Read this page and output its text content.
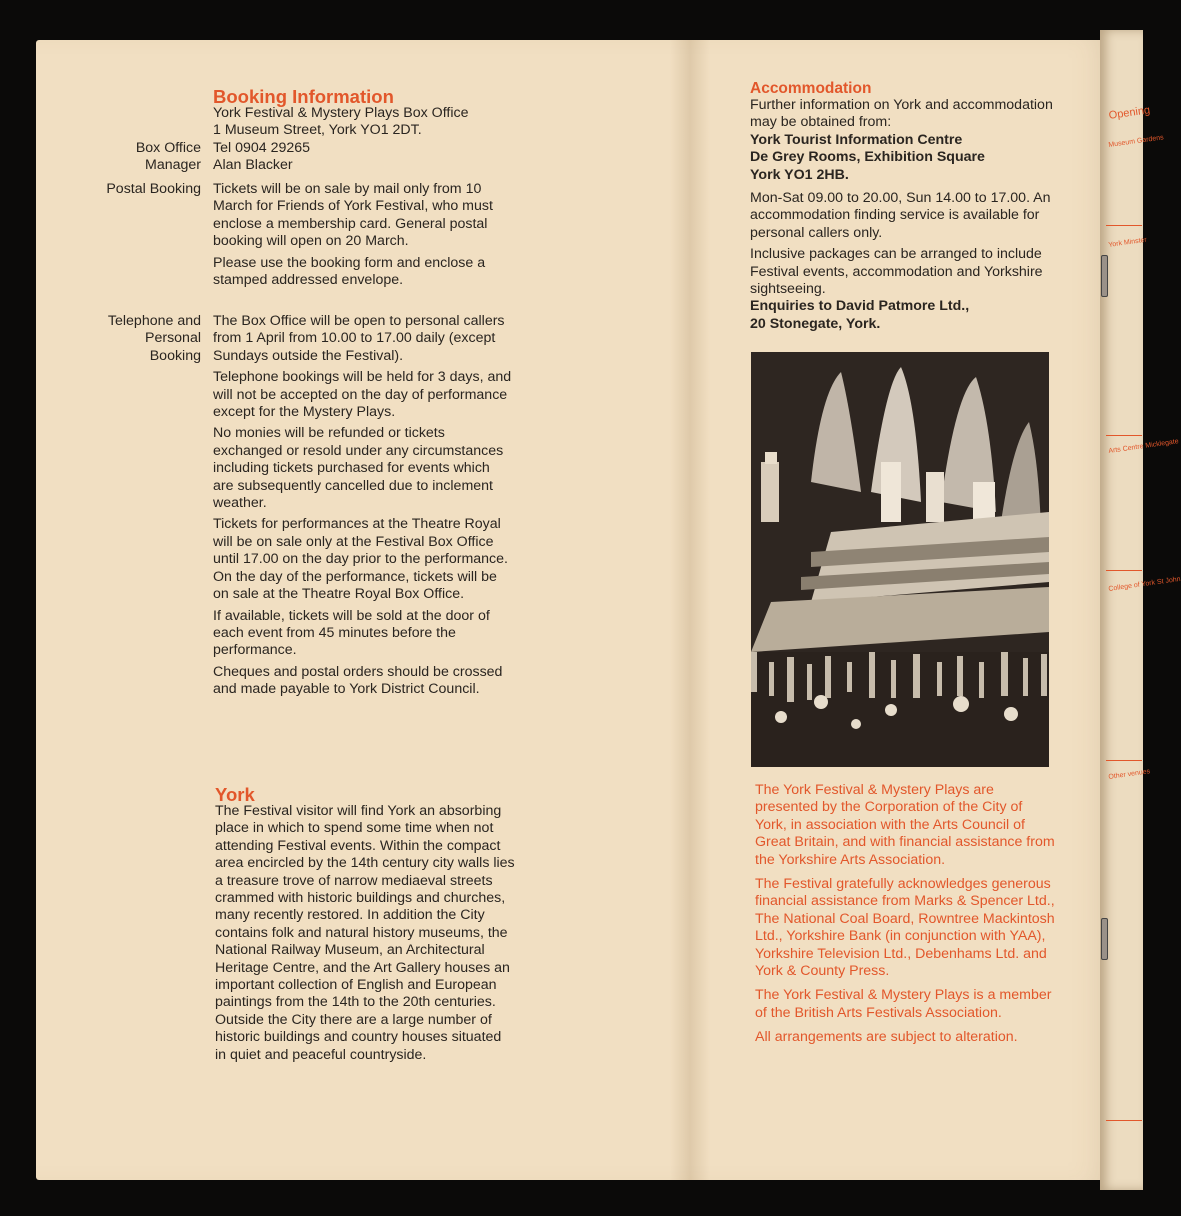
Opening
Museum Gardens
York Minster
Arts Centre Micklegate
College of York St John
Other venues
Booking Information
York Festival & Mystery Plays Box Office
1 Museum Street, York YO1 2DT.
Tel 0904 29265
Alan Blacker
Box Office
Manager
Postal Booking Tickets will be on sale by mail only from 10 March for Friends of York Festival, who must enclose a membership card. General postal booking will open on 20 March.

Please use the booking form and enclose a stamped addressed envelope.

Telephone and
Personal
Booking

The Box Office will be open to personal callers from 1 April from 10.00 to 17.00 daily (except Sundays outside the Festival).

Telephone bookings will be held for 3 days, and will not be accepted on the day of performance except for the Mystery Plays.

No monies will be refunded or tickets exchanged or resold under any circumstances including tickets purchased for events which are subsequently cancelled due to inclement weather.

Tickets for performances at the Theatre Royal will be on sale only at the Festival Box Office until 17.00 on the day prior to the performance. On the day of the performance, tickets will be on sale at the Theatre Royal Box Office.

If available, tickets will be sold at the door of each event from 45 minutes before the performance.

Cheques and postal orders should be crossed and made payable to York District Council.

York
The Festival visitor will find York an absorbing place in which to spend some time when not attending Festival events. Within the compact area encircled by the 14th century city walls lies a treasure trove of narrow mediaeval streets crammed with historic buildings and churches, many recently restored. In addition the City contains folk and natural history museums, the National Railway Museum, an Architectural Heritage Centre, and the Art Gallery houses an important collection of English and European paintings from the 14th to the 20th centuries. Outside the City there are a large number of historic buildings and country houses situated in quiet and peaceful countryside.
Accommodation

Further information on York and accommodation may be obtained from:

York Tourist Information Centre
De Grey Rooms, Exhibition Square
York YO1 2HB.

Mon-Sat 09.00 to 20.00, Sun 14.00 to 17.00. An accommodation finding service is available for personal callers only.

Inclusive packages can be arranged to include Festival events, accommodation and Yorkshire sightseeing.

Enquiries to David Patmore Ltd.,
20 Stonegate, York.

The York Festival & Mystery Plays are presented by the Corporation of the City of York, in association with the Arts Council of Great Britain, and with financial assistance from the Yorkshire Arts Association.

The Festival gratefully acknowledges generous financial assistance from Marks & Spencer Ltd., The National Coal Board, Rowntree Mackintosh Ltd., Yorkshire Bank (in conjunction with YAA), Yorkshire Television Ltd., Debenhams Ltd. and York & County Press.

The York Festival & Mystery Plays is a member of the British Arts Festivals Association.

All arrangements are subject to alteration.
